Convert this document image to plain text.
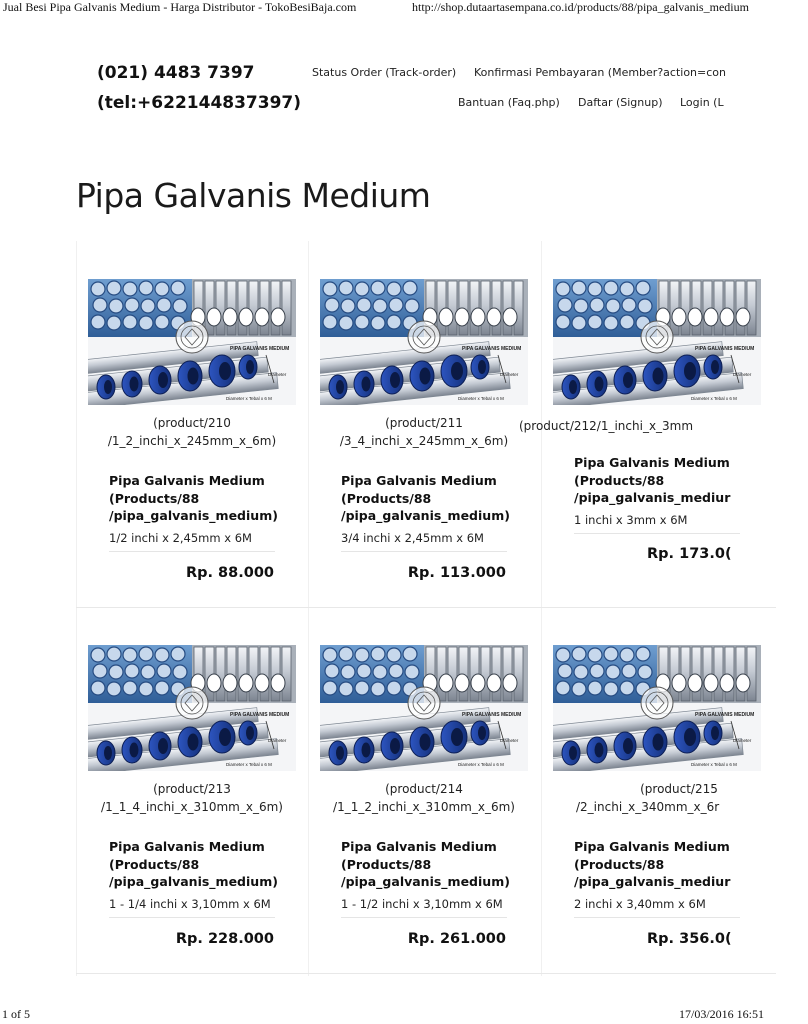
Jual Besi Pipa Galvanis Medium - Harga Distributor - TokoBesiBaja.com	http://shop.dutaartasempana.co.id/products/88/pipa_galvanis_medium
(021) 4483 7397
(tel:+622144837397)
Status Order (Track-order) Konfirmasi Pembayaran (Member?action=con
Bantuan (Faq.php) Daftar (Signup) Login (L
Pipa Galvanis Medium
PIPA GALVANIS MEDIUM
Diameter
Diameter x Tebal x 6 M
(product/210
/1_2_inchi_x_245mm_x_6m)
Pipa Galvanis Medium
(Products/88
/pipa_galvanis_medium)
1/2 inchi x 2,45mm x 6M
Rp. 88.000
PIPA GALVANIS MEDIUM
Diameter
Diameter x Tebal x 6 M
(product/211
/3_4_inchi_x_245mm_x_6m)
Pipa Galvanis Medium
(Products/88
/pipa_galvanis_medium)
3/4 inchi x 2,45mm x 6M
Rp. 113.000
PIPA GALVANIS MEDIUM
Diameter
Diameter x Tebal x 6 M
(product/212/1_inchi_x_3mm
Pipa Galvanis Medium
(Products/88
/pipa_galvanis_mediur
1 inchi x 3mm x 6M
Rp. 173.0(
PIPA GALVANIS MEDIUM
Diameter
Diameter x Tebal x 6 M
(product/213
/1_1_4_inchi_x_310mm_x_6m)
Pipa Galvanis Medium
(Products/88
/pipa_galvanis_medium)
1 - 1/4 inchi x 3,10mm x 6M
Rp. 228.000
PIPA GALVANIS MEDIUM
Diameter
Diameter x Tebal x 6 M
(product/214
/1_1_2_inchi_x_310mm_x_6m)
Pipa Galvanis Medium
(Products/88
/pipa_galvanis_medium)
1 - 1/2 inchi x 3,10mm x 6M
Rp. 261.000
PIPA GALVANIS MEDIUM
Diameter
Diameter x Tebal x 6 M
(product/215
/2_inchi_x_340mm_x_6r
Pipa Galvanis Medium
(Products/88
/pipa_galvanis_mediur
2 inchi x 3,40mm x 6M
Rp. 356.0(
1 of 5	17/03/2016 16:51
